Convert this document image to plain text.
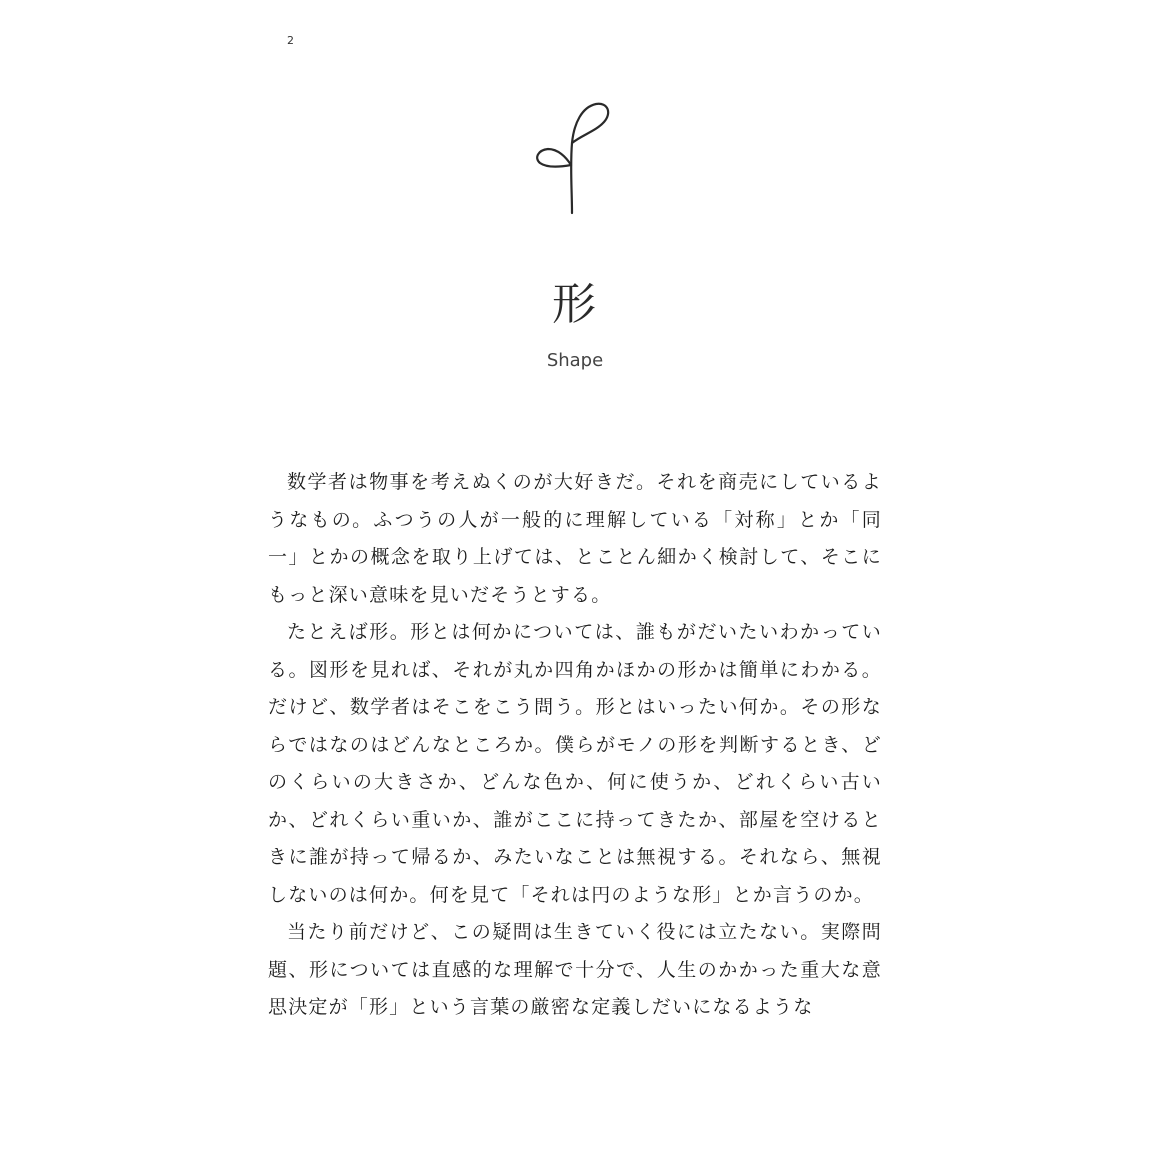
2
形
Shape

数学者は物事を考えぬくのが大好きだ。それを商売にしているようなもの。ふつうの人が一般的に理解している「対称」とか「同一」とかの概念を取り上げては、とことん細かく検討して、そこにもっと深い意味を見いだそうとする。

たとえば形。形とは何かについては、誰もがだいたいわかっている。図形を見れば、それが丸か四角かほかの形かは簡単にわかる。だけど、数学者はそこをこう問う。形とはいったい何か。その形ならではなのはどんなところか。僕らがモノの形を判断するとき、どのくらいの大きさか、どんな色か、何に使うか、どれくらい古いか、どれくらい重いか、誰がここに持ってきたか、部屋を空けるときに誰が持って帰るか、みたいなことは無視する。それなら、無視しないのは何か。何を見て「それは円のような形」とか言うのか。

当たり前だけど、この疑問は生きていく役には立たない。実際問題、形については直感的な理解で十分で、人生のかかった重大な意思決定が「形」という言葉の厳密な定義しだいになるような
